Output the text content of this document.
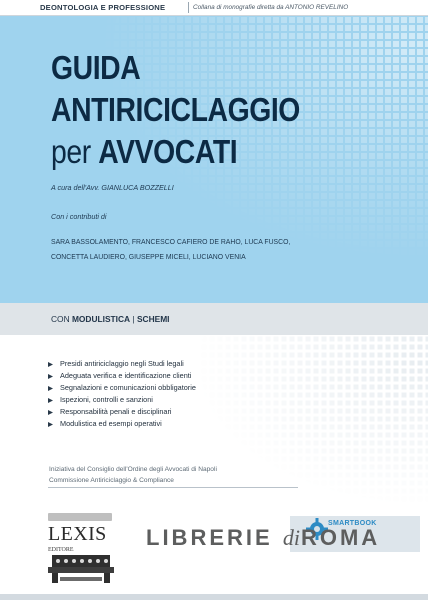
DEONTOLOGIA E PROFESSIONE	Collana di monografie diretta da ANTONIO REVELINO
GUIDA
ANTIRICICLAGGIO
per AVVOCATI
A cura dell'Avv. GIANLUCA BOZZELLI
Con i contributi di
SARA BASSOLAMENTO, FRANCESCO CAFIERO DE RAHO, LUCA FUSCO,
CONCETTA LAUDIERO, GIUSEPPE MICELI, LUCIANO VENIA
CON MODULISTICA | SCHEMI
Presidi antiriciclaggio negli Studi legali
Adeguata verifica e identificazione clienti
Segnalazioni e comunicazioni obbligatorie
Ispezioni, controlli e sanzioni
Responsabilità penali e disciplinari
Modulistica ed esempi operativi
Iniziativa del Consiglio dell'Ordine degli Avvocati di Napoli
Commissione Antiriciclaggio & Compliance
LEXIS
EDITORE
SMARTBOOK
LIBRERIE diROMA
